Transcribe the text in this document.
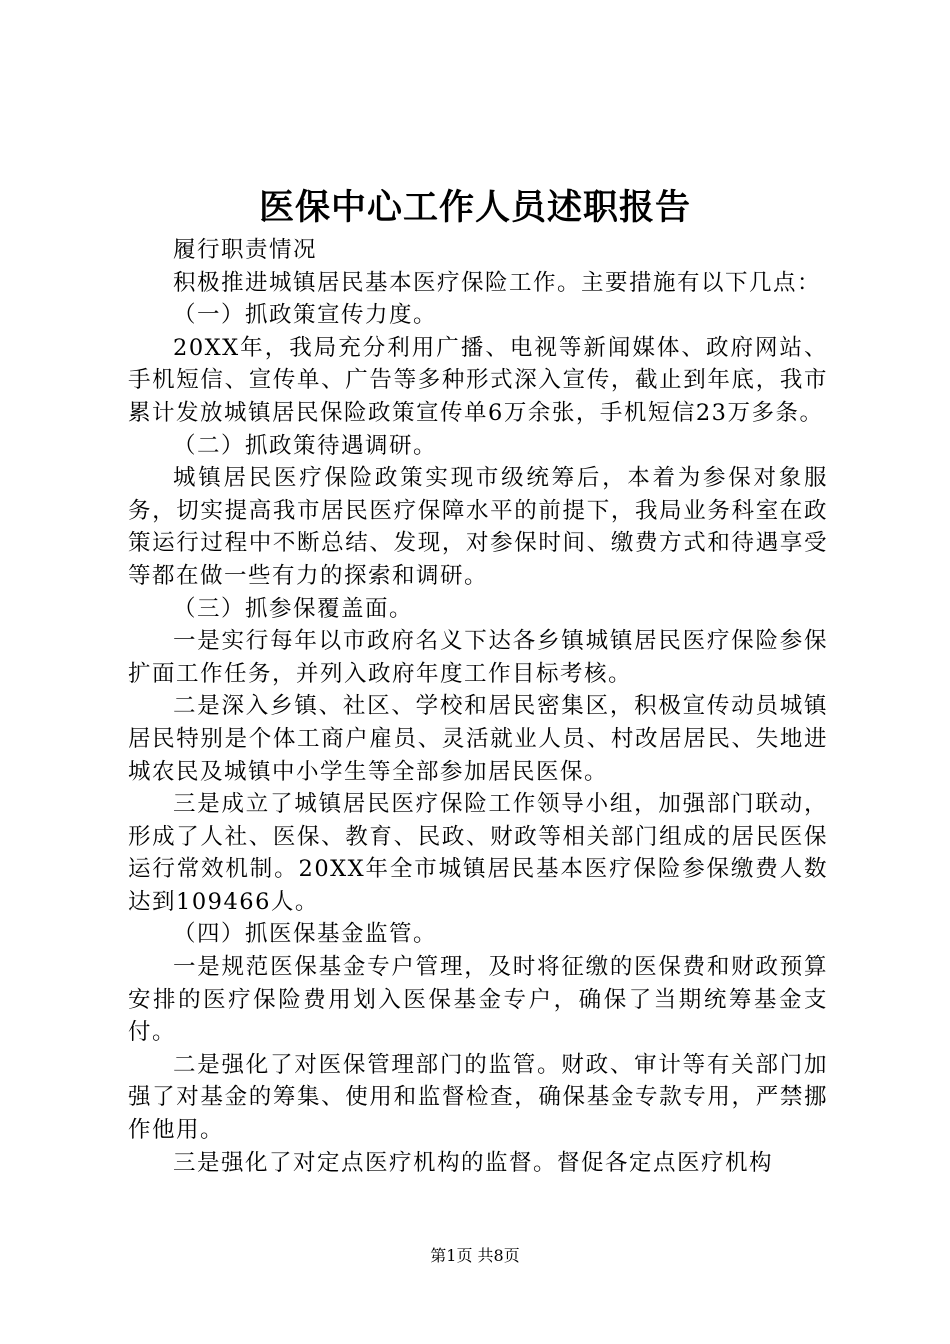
医保中心工作人员述职报告

履行职责情况

积极推进城镇居民基本医疗保险工作。主要措施有以下几点：

（一）抓政策宣传力度。

20XX年，我局充分利用广播、电视等新闻媒体、政府网站、手机短信、宣传单、广告等多种形式深入宣传，截止到年底，我市累计发放城镇居民保险政策宣传单6万余张，手机短信23万多条。

（二）抓政策待遇调研。

城镇居民医疗保险政策实现市级统筹后，本着为参保对象服务，切实提高我市居民医疗保障水平的前提下，我局业务科室在政策运行过程中不断总结、发现，对参保时间、缴费方式和待遇享受等都在做一些有力的探索和调研。

（三）抓参保覆盖面。

一是实行每年以市政府名义下达各乡镇城镇居民医疗保险参保扩面工作任务，并列入政府年度工作目标考核。

二是深入乡镇、社区、学校和居民密集区，积极宣传动员城镇居民特别是个体工商户雇员、灵活就业人员、村改居居民、失地进城农民及城镇中小学生等全部参加居民医保。

三是成立了城镇居民医疗保险工作领导小组，加强部门联动，形成了人社、医保、教育、民政、财政等相关部门组成的居民医保运行常效机制。20XX年全市城镇居民基本医疗保险参保缴费人数达到109466人。

（四）抓医保基金监管。

一是规范医保基金专户管理，及时将征缴的医保费和财政预算安排的医疗保险费用划入医保基金专户，确保了当期统筹基金支付。

二是强化了对医保管理部门的监管。财政、审计等有关部门加强了对基金的筹集、使用和监督检查，确保基金专款专用，严禁挪作他用。

三是强化了对定点医疗机构的监督。督促各定点医疗机构

第1页 共8页
